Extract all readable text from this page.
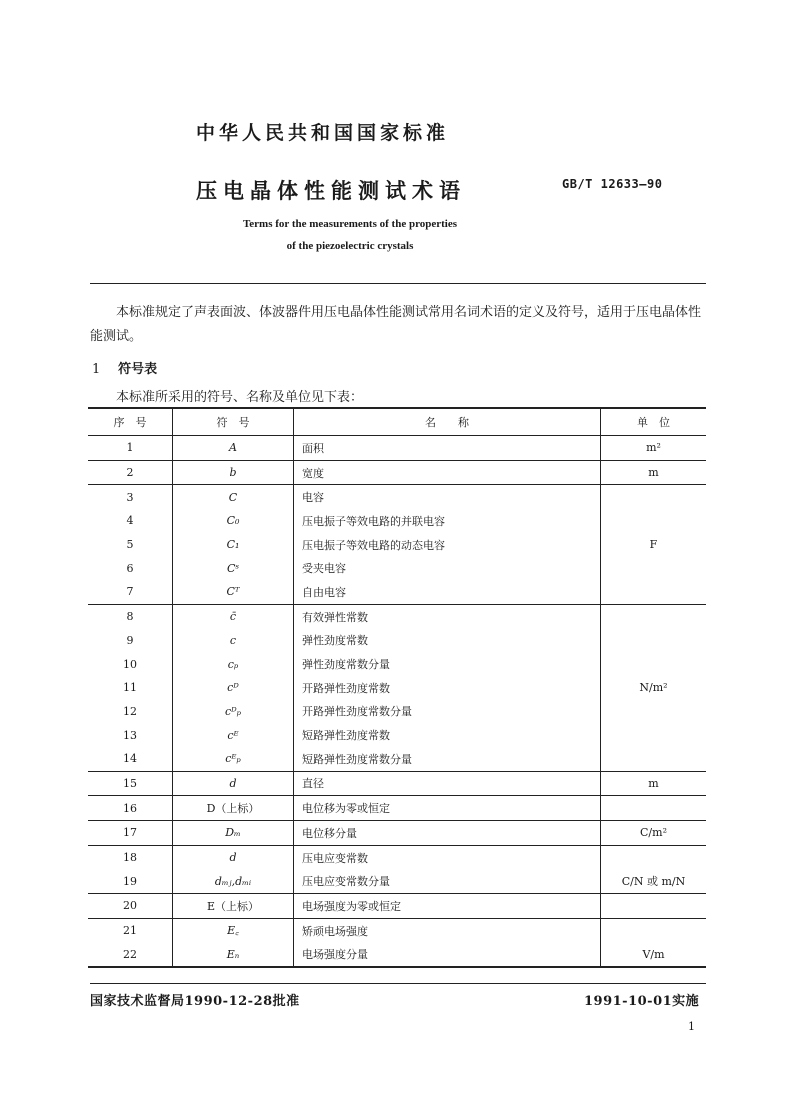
中华人民共和国国家标准
压电晶体性能测试术语	GB/T 12633—90
Terms for the measurements of the properties
of the piezoelectric crystals
本标准规定了声表面波、体波器件用压电晶体性能测试常用名词术语的定义及符号，适用于压电晶体性能测试。
1 符号表
本标准所采用的符号、名称及单位见下表：
序　号	符　号	名　　称	单　位
1	A	面积	m²
2	b	宽度	m
3	C	电容	
4	C₀	压电振子等效电路的并联电容	
5	C₁	压电振子等效电路的动态电容	F
6	Cˢ	受夹电容	
7	Cᵀ	自由电容	
8	c̄	有效弹性常数	
9	c	弹性劲度常数	
10	cₚ	弹性劲度常数分量	
11	cᴰ	开路弹性劲度常数	N/m²
12	cᴰₚ	开路弹性劲度常数分量	
13	cᴱ	短路弹性劲度常数	
14	cᴱₚ	短路弹性劲度常数分量	
15	d	直径	m
16	D（上标）	电位移为零或恒定	
17	Dₘ	电位移分量	C/m²
18	d	压电应变常数	
19	dₘⱼ,dₘᵢ	压电应变常数分量	C/N 或 m/N
20	E（上标）	电场强度为零或恒定	
21	E꜀	矫顽电场强度	
22	Eₙ	电场强度分量	V/m
国家技术监督局1990-12-28批准	1991-10-01实施
1
